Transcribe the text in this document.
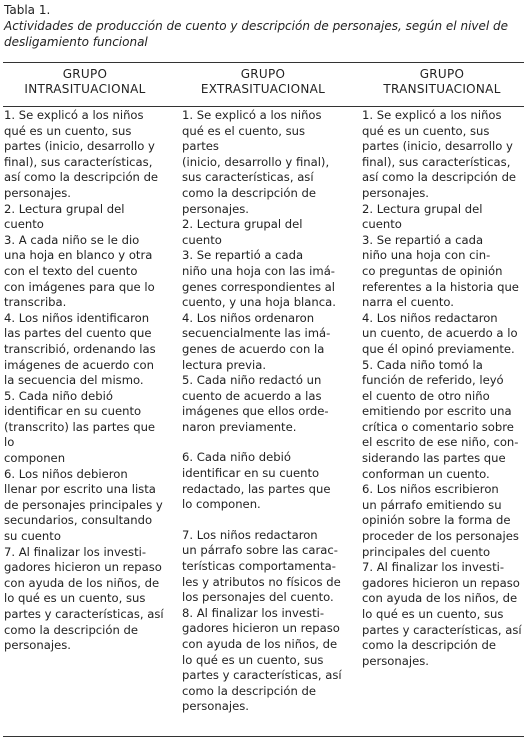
Tabla 1.
Actividades de producción de cuento y descripción de personajes, según el nivel de desligamiento funcional
GRUPO
INTRASITUACIONAL
GRUPO
EXTRASITUACIONAL
GRUPO
TRANSITUACIONAL

1. Se explicó a los niños
qué es un cuento, sus
partes (inicio, desarrollo y
final), sus características,
así como la descripción de
personajes.

2. Lectura grupal del
cuento

3. A cada niño se le dio
una hoja en blanco y otra
con el texto del cuento
con imágenes para que lo
transcriba.

4. Los niños identificaron
las partes del cuento que
transcribió, ordenando las
imágenes de acuerdo con
la secuencia del mismo.

5. Cada niño debió
identificar en su cuento
(transcrito) las partes que lo
componen

6. Los niños debieron
llenar por escrito una lista
de personajes principales y
secundarios, consultando
su cuento

7. Al finalizar los investi-
gadores hicieron un repaso
con ayuda de los niños, de
lo qué es un cuento, sus
partes y características, así
como la descripción de
personajes.

1. Se explicó a los niños
qué es el cuento, sus partes
(inicio, desarrollo y final),
sus características, así
como la descripción de
personajes.

2. Lectura grupal del
cuento

3. Se repartió a cada
niño una hoja con las imá-
genes correspondientes al
cuento, y una hoja blanca.

4. Los niños ordenaron
secuencialmente las imá-
genes de acuerdo con la
lectura previa.

5. Cada niño redactó un
cuento de acuerdo a las
imágenes que ellos orde-
naron previamente.

6. Cada niño debió
identificar en su cuento
redactado, las partes que
lo componen.

7. Los niños redactaron
un párrafo sobre las carac-
terísticas comportamenta-
les y atributos no físicos de
los personajes del cuento.

8. Al finalizar los investi-
gadores hicieron un repaso
con ayuda de los niños, de
lo qué es un cuento, sus
partes y características, así
como la descripción de
personajes.

1. Se explicó a los niños
qué es un cuento, sus
partes (inicio, desarrollo y
final), sus características,
así como la descripción de
personajes.

2. Lectura grupal del
cuento

3. Se repartió a cada
niño una hoja con cin-
co preguntas de opinión
referentes a la historia que
narra el cuento.

4. Los niños redactaron
un cuento, de acuerdo a lo
que él opinó previamente.

5. Cada niño tomó la
función de referido, leyó
el cuento de otro niño
emitiendo por escrito una
crítica o comentario sobre
el escrito de ese niño, con-
siderando las partes que
conforman un cuento.

6. Los niños escribieron
un párrafo emitiendo su
opinión sobre la forma de
proceder de los personajes
principales del cuento

7. Al finalizar los investi-
gadores hicieron un repaso
con ayuda de los niños, de
lo qué es un cuento, sus
partes y características, así
como la descripción de
personajes.
